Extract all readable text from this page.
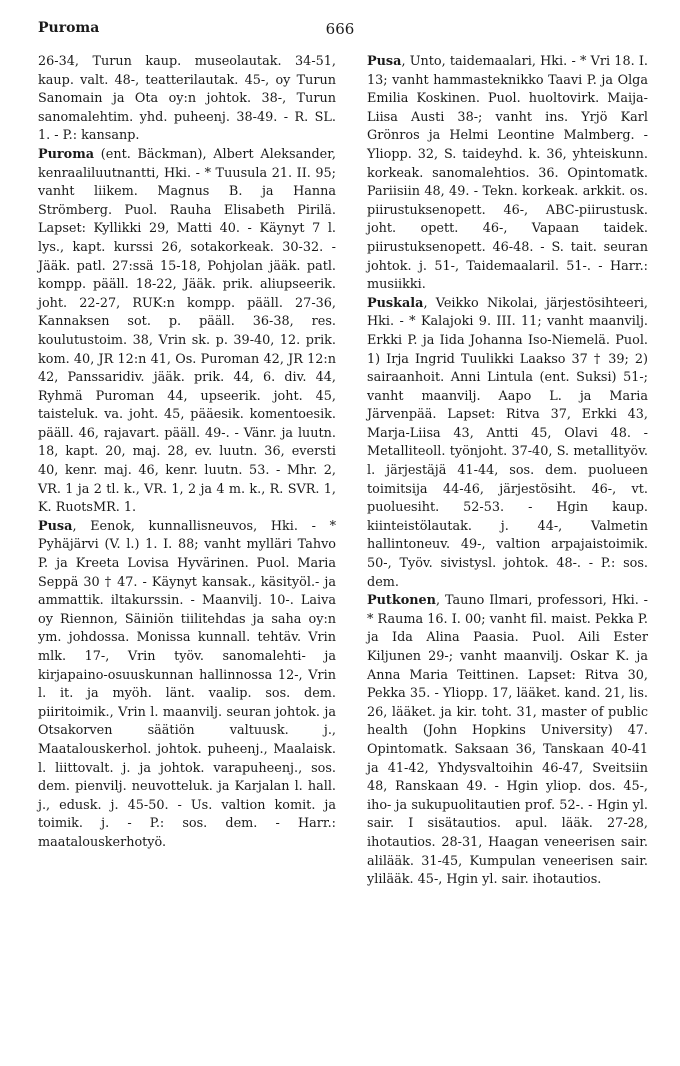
Puroma	666

26-34, Turun kaup. museolautak. 34-51, kaup. valt. 48-, teatterilautak. 45-, oy Turun Sanomain ja Ota oy:n johtok. 38-, Turun sanomalehtim. yhd. puheenj. 38-49. - R. SL. 1. - P.: kansanp.

Puroma (ent. Bäckman), Albert Aleksander, kenraaliluutnantti, Hki. - * Tuusula 21. II. 95; vanht liikem. Magnus B. ja Hanna Strömberg. Puol. Rauha Elisabeth Pirilä. Lapset: Kyllikki 29, Matti 40. - Käynyt 7 l. lys., kapt. kurssi 26, sotakorkeak. 30-32. - Jääk. patl. 27:ssä 15-18, Pohjolan jääk. patl. kompp. pääll. 18-22, Jääk. prik. aliupseerik. joht. 22-27, RUK:n kompp. pääll. 27-36, Kannaksen sot. p. pääll. 36-38, res. koulutustoim. 38, Vrin sk. p. 39-40, 12. prik. kom. 40, JR 12:n 41, Os. Puroman 42, JR 12:n 42, Panssaridiv. jääk. prik. 44, 6. div. 44, Ryhmä Puroman 44, upseerik. joht. 45, taisteluk. va. joht. 45, pääesik. komentoesik. pääll. 46, rajavart. pääll. 49-. - Vänr. ja luutn. 18, kapt. 20, maj. 28, ev. luutn. 36, eversti 40, kenr. maj. 46, kenr. luutn. 53. - Mhr. 2, VR. 1 ja 2 tl. k., VR. 1, 2 ja 4 m. k., R. SVR. 1, K. RuotsMR. 1.

Pusa, Eenok, kunnallisneuvos, Hki. - * Pyhäjärvi (V. l.) 1. I. 88; vanht mylläri Tahvo P. ja Kreeta Lovisa Hyvärinen. Puol. Maria Seppä 30 † 47. - Käynyt kansak., käsityöl.- ja ammattik. iltakurssin. - Maanvilj. 10-. Laiva oy Riennon, Säiniön tiilitehdas ja saha oy:n ym. johdossa. Monissa kunnall. tehtäv. Vrin mlk. 17-, Vrin työv. sanomalehti- ja kirjapaino-osuuskunnan hallinnossa 12-, Vrin l. it. ja myöh. länt. vaalip. sos. dem. piiritoimik., Vrin l. maanvilj. seuran johtok. ja Otsakorven säätiön valtuusk. j., Maatalouskerhol. johtok. puheenj., Maalaisk. l. liittovalt. j. ja johtok. varapuheenj., sos. dem. pienvilj. neuvotteluk. ja Karjalan l. hall. j., edusk. j. 45-50. - Us. valtion komit. ja toimik. j. - P.: sos. dem. - Harr.: maatalouskerhotyö.

Pusa, Unto, taidemaalari, Hki. - * Vri 18. I. 13; vanht hammasteknikko Taavi P. ja Olga Emilia Koskinen. Puol. huoltovirk. Maija-Liisa Austi 38-; vanht ins. Yrjö Karl Grönros ja Helmi Leontine Malmberg. - Yliopp. 32, S. taideyhd. k. 36, yhteiskunn. korkeak. sanomalehtios. 36. Opintomatk. Pariisiin 48, 49. - Tekn. korkeak. arkkit. os. piirustuksenopett. 46-, ABC-piirustusk. joht. opett. 46-, Vapaan taidek. piirustuksenopett. 46-48. - S. tait. seuran johtok. j. 51-, Taidemaalaril. 51-. - Harr.: musiikki.

Puskala, Veikko Nikolai, järjestösihteeri, Hki. - * Kalajoki 9. III. 11; vanht maanvilj. Erkki P. ja Iida Johanna Iso-Niemelä. Puol. 1) Irja Ingrid Tuulikki Laakso 37 † 39; 2) sairaanhoit. Anni Lintula (ent. Suksi) 51-; vanht maanvilj. Aapo L. ja Maria Järvenpää. Lapset: Ritva 37, Erkki 43, Marja-Liisa 43, Antti 45, Olavi 48. - Metalliteoll. työnjoht. 37-40, S. metallityöv. l. järjestäjä 41-44, sos. dem. puolueen toimitsija 44-46, järjestösiht. 46-, vt. puoluesiht. 52-53. - Hgin kaup. kiinteistölautak. j. 44-, Valmetin hallintoneuv. 49-, valtion arpajaistoimik. 50-, Työv. sivistysl. johtok. 48-. - P.: sos. dem.

Putkonen, Tauno Ilmari, professori, Hki. - * Rauma 16. I. 00; vanht fil. maist. Pekka P. ja Ida Alina Paasia. Puol. Aili Ester Kiljunen 29-; vanht maanvilj. Oskar K. ja Anna Maria Teittinen. Lapset: Ritva 30, Pekka 35. - Yliopp. 17, lääket. kand. 21, lis. 26, lääket. ja kir. toht. 31, master of public health (John Hopkins University) 47. Opintomatk. Saksaan 36, Tanskaan 40-41 ja 41-42, Yhdysvaltoihin 46-47, Sveitsiin 48, Ranskaan 49. - Hgin yliop. dos. 45-, iho- ja sukupuolitautien prof. 52-. - Hgin yl. sair. I sisätautios. apul. lääk. 27-28, ihotautios. 28-31, Haagan veneerisen sair. alilääk. 31-45, Kumpulan veneerisen sair. ylilääk. 45-, Hgin yl. sair. ihotautios.
